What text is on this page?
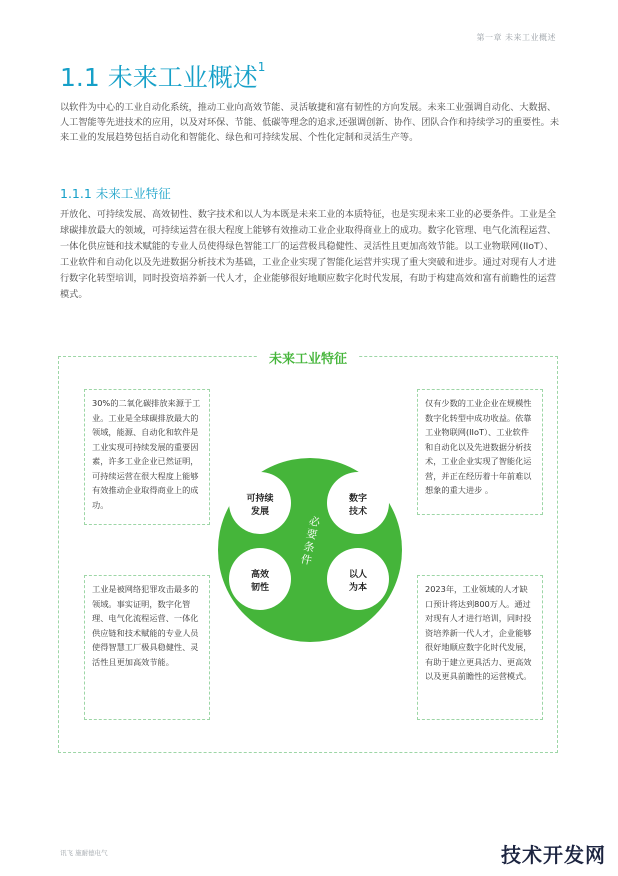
第一章 未来工业概述
1.1 未来工业概述$^1$

以软件为中心的工业自动化系统，推动工业向高效节能、灵活敏捷和富有韧性的方向发展。未来工业强调自动化、大数据、人工智能等先进技术的应用，以及对环保、节能、低碳等理念的追求,还强调创新、协作、团队合作和持续学习的重要性。未来工业的发展趋势包括自动化和智能化、绿色和可持续发展、个性化定制和灵活生产等。

1.1.1 未来工业特征

开放化、可持续发展、高效韧性、数字技术和以人为本既是未来工业的本质特征，也是实现未来工业的必要条件。工业是全球碳排放最大的领域，可持续运营在很大程度上能够有效推动工业企业取得商业上的成功。数字化管理、电气化流程运营、一体化供应链和技术赋能的专业人员使得绿色智能工厂的运营极具稳健性、灵活性且更加高效节能。以工业物联网(IIoT）、工业软件和自动化以及先进数据分析技术为基础，工业企业实现了智能化运营并实现了重大突破和进步。通过对现有人才进行数字化转型培训，同时投资培养新一代人才，企业能够很好地顺应数字化时代发展，有助于构建高效和富有前瞻性的运营模式。

未来工业特征
30%的二氧化碳排放来源于工业。工业是全球碳排放最大的领域，能源、自动化和软件是工业实现可持续发展的重要因素，许多工业企业已然证明，可持续运营在很大程度上能够有效推动企业取得商业上的成功。
仅有少数的工业企业在规模性数字化转型中成功收益。依靠工业物联网(IIoT）、工业软件和自动化以及先进数据分析技术，工业企业实现了智能化运营，并正在经历着十年前难以想象的重大进步 。
工业是被网络犯罪攻击最多的领域。事实证明，数字化管理、电气化流程运营、一体化供应链和技术赋能的专业人员使得智慧工厂极具稳健性、灵活性且更加高效节能。
2023年，工业领域的人才缺口预计将达到800万人。通过对现有人才进行培训，同时投资培养新一代人才，企业能够很好地顺应数字化时代发展，有助于建立更具活力、更高效以及更具前瞻性的运营模式。
可持续
发展
数字
技术
高效
韧性
以人
为本
必要条件
讯飞 施耐德电气	技术开发网
